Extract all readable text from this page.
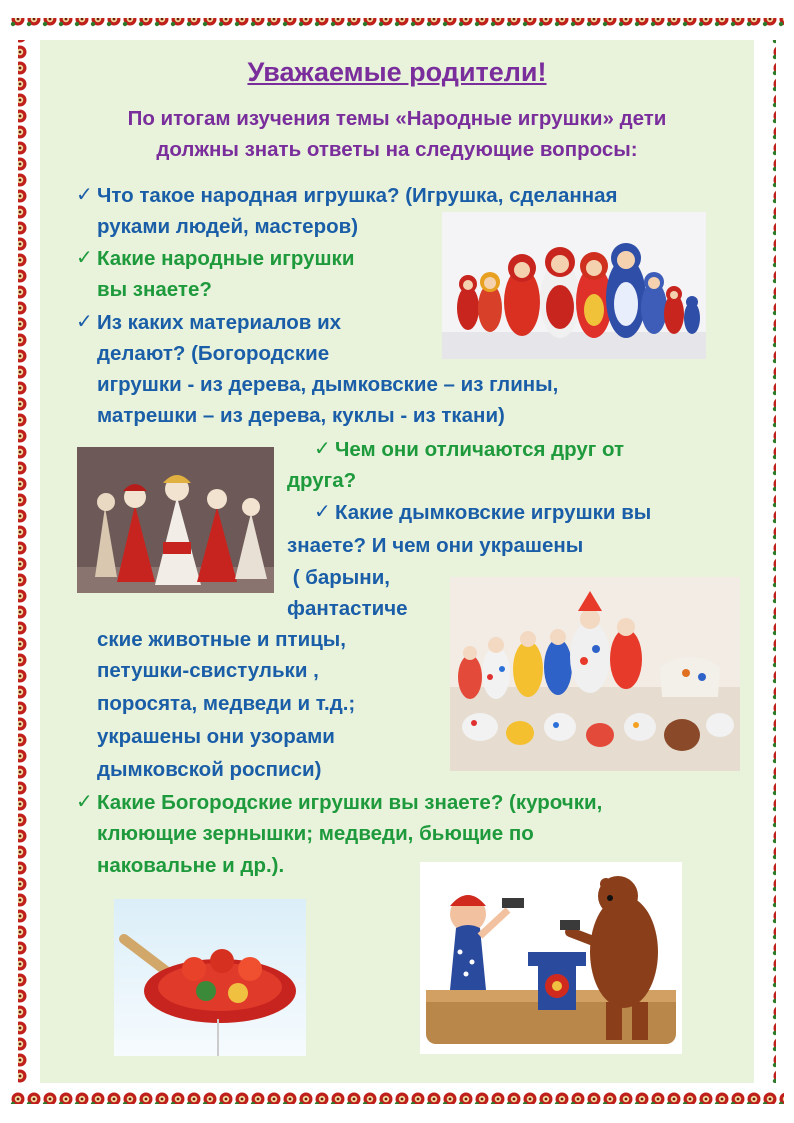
Уважаемые родители!
По итогам изучения темы «Народные игрушки» дети
должны знать ответы на следующие вопросы:
✓ Что такое народная игрушка? (Игрушка, сделанная

руками людей, мастеров)

✓ Какие народные игрушки

вы знаете?

✓ Из каких материалов их

делают? (Богородские

игрушки - из дерева, дымковские – из глины,

матрешки – из дерева, куклы - из ткани)

✓ Чем они отличаются друг от

друга?

✓ Какие дымковские игрушки вы

знаете? И чем они украшены

( барыни,

фантастиче

ские животные и птицы,

петушки-свистульки ,

поросята, медведи и т.д.;

украшены они узорами

дымковской росписи)

✓ Какие Богородские игрушки вы знаете? (курочки,

клюющие зернышки; медведи, бьющие по

наковальне и др.).
